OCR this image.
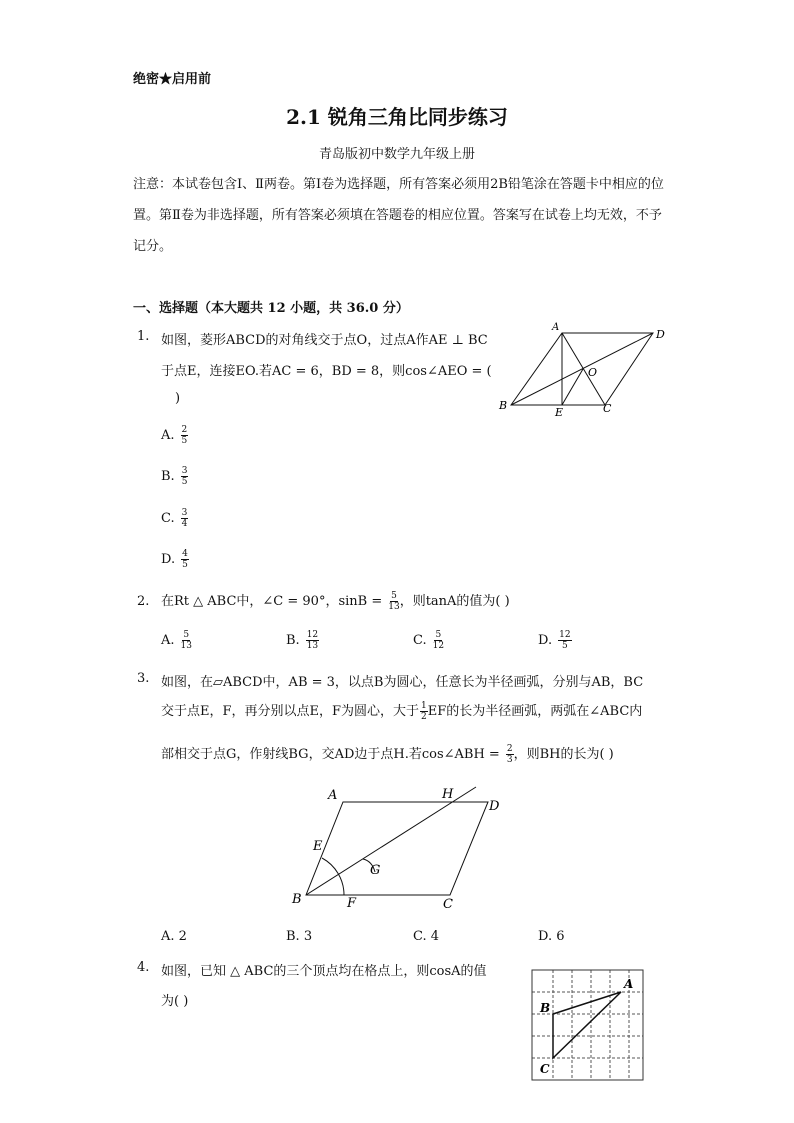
绝密★启用前
2.1 锐角三角比同步练习
青岛版初中数学九年级上册
注意：本试卷包含Ⅰ、Ⅱ两卷。第Ⅰ卷为选择题，所有答案必须用2B铅笔涂在答题卡中相应的位置。第Ⅱ卷为非选择题，所有答案必须填在答题卷的相应位置。答案写在试卷上均无效，不予记分。
一、选择题（本大题共 12 小题，共 36.0 分）
1. 如图，菱形ABCD的对角线交于点O，过点A作AE ⊥ BC
于点E，连接EO.若AC = 6，BD = 8，则cos∠AEO = (
)
A. $\frac{2}{5}$
B. $\frac{3}{5}$
C. $\frac{3}{4}$
D. $\frac{4}{5}$
A
D
O
B
E	C
2. 在Rt △ ABC中，∠C = 90°，$\sin B = \frac{5}{13}$ ，则tanA的值为( )
A. $\frac{5}{13}$	B. $\frac{12}{13}$	C. $\frac{5}{12}$	D. $\frac{12}{5}$
3. 如图，在▱ABCD中，AB = 3，以点B为圆心，任意长为半径画弧，分别与AB，BC
交于点E，F，再分别以点E，F为圆心，大于 $\frac{1}{2}$ EF的长为半径画弧，两弧在∠ABC内
部相交于点G，作射线BG，交AD边于点H.若cos∠ABH = $\frac{2}{3}$ ，则BH的长为( )
A	H
D
E
G
B	F	C
A. 2	B. 3	C. 4	D. 6
4. 如图，已知 △ ABC的三个顶点均在格点上，则cosA的值
为( )
A
B
C
